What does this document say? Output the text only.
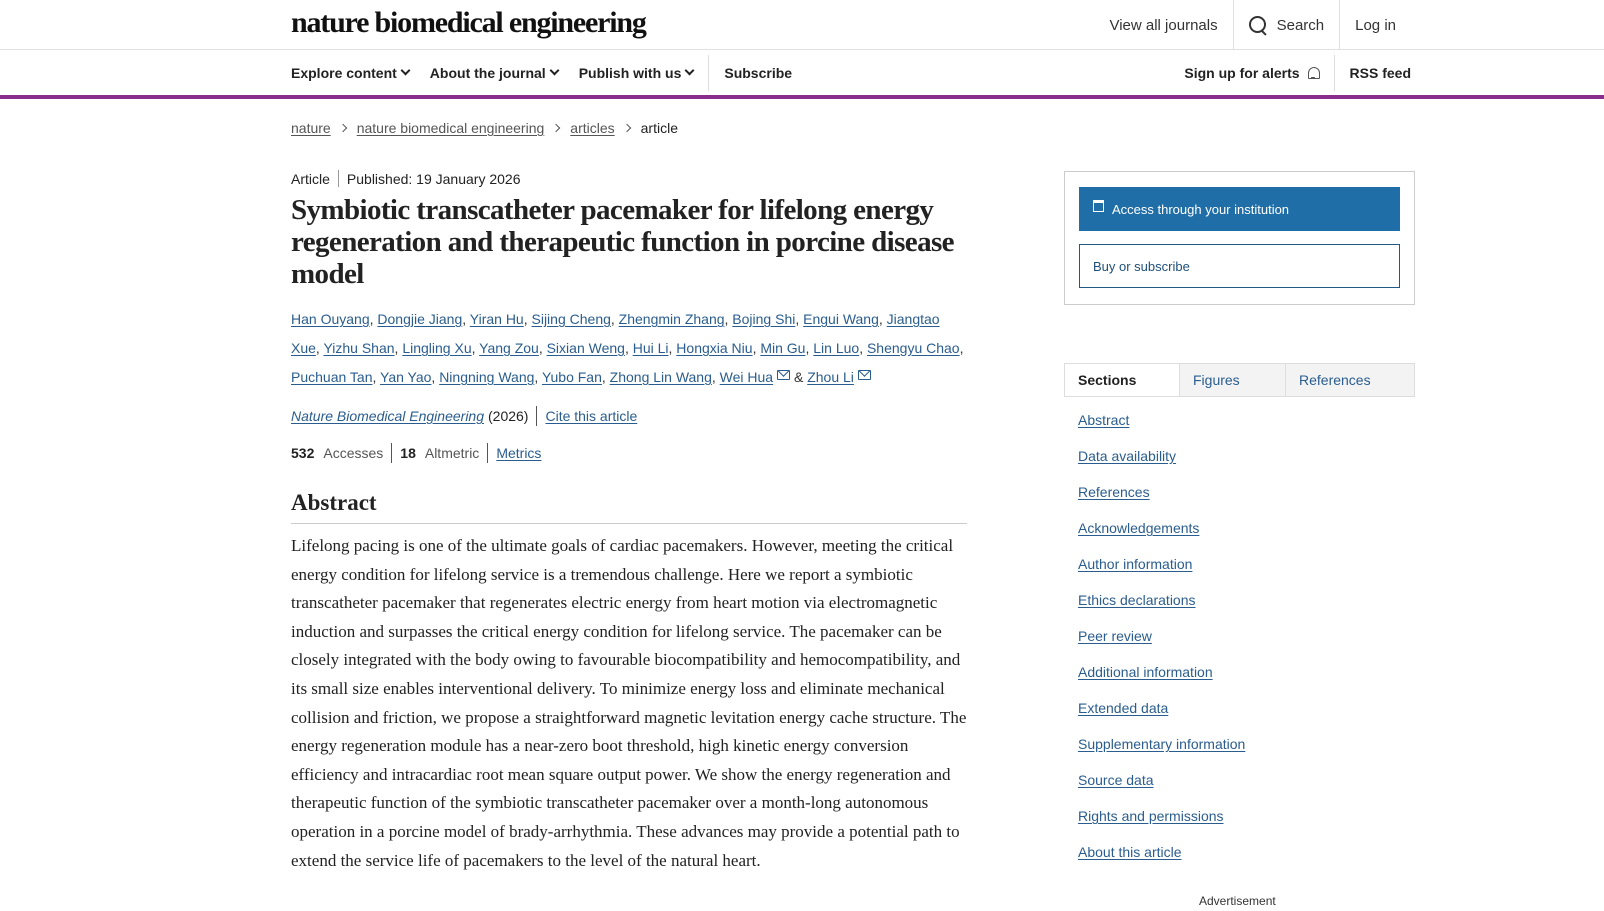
nature biomedical engineering	View all journals	Search	Log in
Explore content About the journal Publish with us	Subscribe	Sign up for alerts	RSS feed
nature nature biomedical engineering articles article
Article Published: 19 January 2026
Symbiotic transcatheter pacemaker for lifelong energy regeneration and therapeutic function in porcine disease model
Han Ouyang, Dongjie Jiang, Yiran Hu, Sijing Cheng, Zhengmin Zhang, Bojing Shi, Engui Wang, Jiangtao Xue, Yizhu Shan, Lingling Xu, Yang Zou, Sixian Weng, Hui Li, Hongxia Niu, Min Gu, Lin Luo, Shengyu Chao, Puchuan Tan, Yan Yao, Ningning Wang, Yubo Fan, Zhong Lin Wang, Wei Hua & Zhou Li
Nature Biomedical Engineering (2026) Cite this article
532 Accesses 18 Altmetric Metrics
Abstract

Lifelong pacing is one of the ultimate goals of cardiac pacemakers. However, meeting the critical energy condition for lifelong service is a tremendous challenge. Here we report a symbiotic transcatheter pacemaker that regenerates electric energy from heart motion via electromagnetic induction and surpasses the critical energy condition for lifelong service. The pacemaker can be closely integrated with the body owing to favourable biocompatibility and hemocompatibility, and its small size enables interventional delivery. To minimize energy loss and eliminate mechanical collision and friction, we propose a straightforward magnetic levitation energy cache structure. The energy regeneration module has a near-zero boot threshold, high kinetic energy conversion efficiency and intracardiac root mean square output power. We show the energy regeneration and therapeutic function of the symbiotic transcatheter pacemaker over a month-long autonomous operation in a porcine model of brady-arrhythmia. These advances may provide a potential path to extend the service life of pacemakers to the level of the natural heart.

Access through your institution
Buy or subscribe
Sections	Figures	References
Abstract
Data availability
References
Acknowledgements
Author information
Ethics declarations
Peer review
Additional information
Extended data
Supplementary information
Source data
Rights and permissions
About this article
Advertisement
